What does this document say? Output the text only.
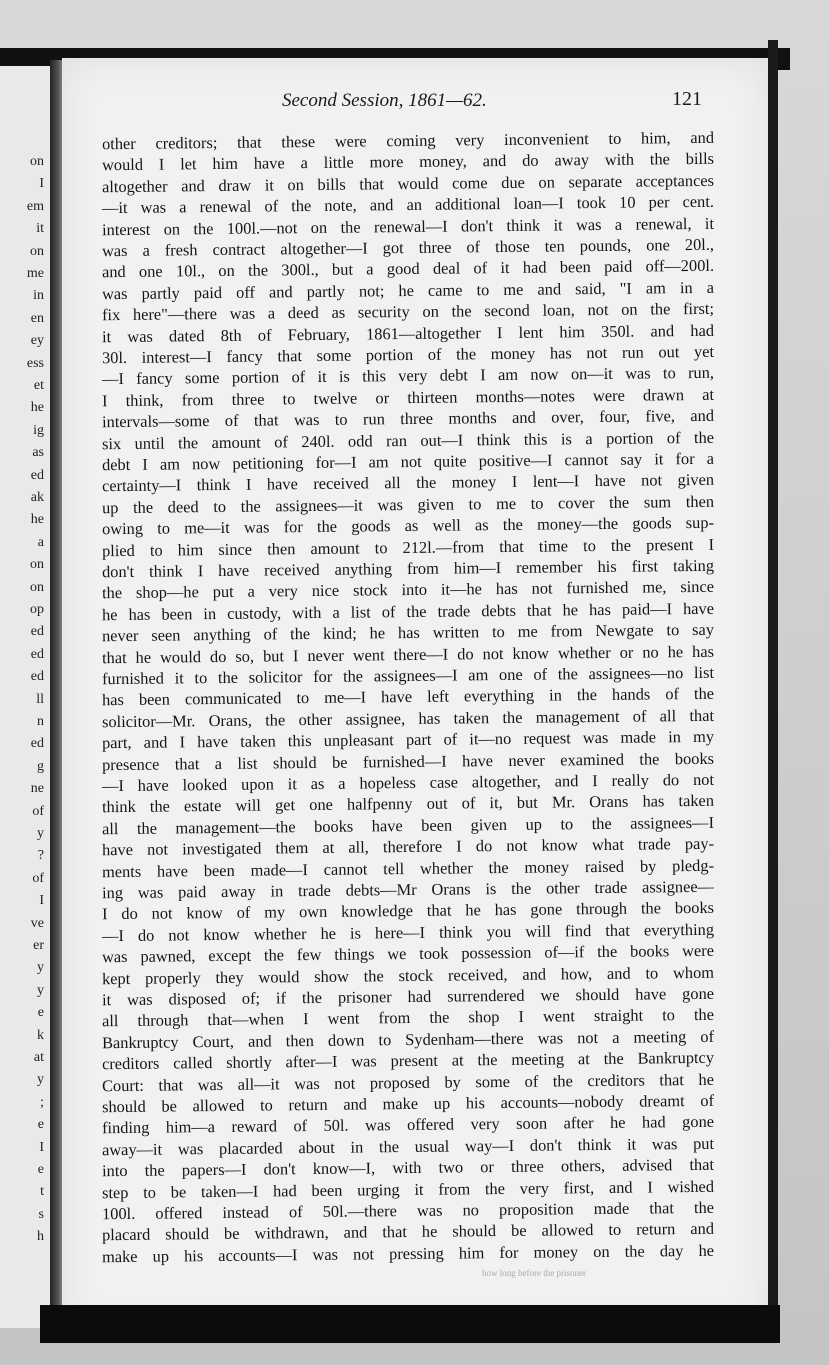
on
I
em
it
on
me
in
en
ey
ess
et
he
ig
as
ed
ak
he
a
on
on
op
ed
ed
ed
ll
n
ed
g
ne
of
y
?
of
I
ve
er
y
y
e
k
at
y
;
e
I
e
t
s
h
Second Session, 1861—62.	121
other creditors; that these were coming very inconvenient to him, and
would I let him have a little more money, and do away with the bills
altogether and draw it on bills that would come due on separate acceptances
—it was a renewal of the note, and an additional loan—I took 10 per cent.
interest on the 100l.—not on the renewal—I don't think it was a renewal, it
was a fresh contract altogether—I got three of those ten pounds, one 20l.,
and one 10l., on the 300l., but a good deal of it had been paid off—200l.
was partly paid off and partly not; he came to me and said, "I am in a
fix here"—there was a deed as security on the second loan, not on the first;
it was dated 8th of February, 1861—altogether I lent him 350l. and had
30l. interest—I fancy that some portion of the money has not run out yet
—I fancy some portion of it is this very debt I am now on—it was to run,
I think, from three to twelve or thirteen months—notes were drawn at
intervals—some of that was to run three months and over, four, five, and
six until the amount of 240l. odd ran out—I think this is a portion of the
debt I am now petitioning for—I am not quite positive—I cannot say it for a
certainty—I think I have received all the money I lent—I have not given
up the deed to the assignees—it was given to me to cover the sum then
owing to me—it was for the goods as well as the money—the goods sup-
plied to him since then amount to 212l.—from that time to the present I
don't think I have received anything from him—I remember his first taking
the shop—he put a very nice stock into it—he has not furnished me, since
he has been in custody, with a list of the trade debts that he has paid—I have
never seen anything of the kind; he has written to me from Newgate to say
that he would do so, but I never went there—I do not know whether or no he has
furnished it to the solicitor for the assignees—I am one of the assignees—no list
has been communicated to me—I have left everything in the hands of the
solicitor—Mr. Orans, the other assignee, has taken the management of all that
part, and I have taken this unpleasant part of it—no request was made in my
presence that a list should be furnished—I have never examined the books
—I have looked upon it as a hopeless case altogether, and I really do not
think the estate will get one halfpenny out of it, but Mr. Orans has taken
all the management—the books have been given up to the assignees—I
have not investigated them at all, therefore I do not know what trade pay-
ments have been made—I cannot tell whether the money raised by pledg-
ing was paid away in trade debts—Mr Orans is the other trade assignee—
I do not know of my own knowledge that he has gone through the books
—I do not know whether he is here—I think you will find that everything
was pawned, except the few things we took possession of—if the books were
kept properly they would show the stock received, and how, and to whom
it was disposed of; if the prisoner had surrendered we should have gone
all through that—when I went from the shop I went straight to the
Bankruptcy Court, and then down to Sydenham—there was not a meeting of
creditors called shortly after—I was present at the meeting at the Bankruptcy
Court: that was all—it was not proposed by some of the creditors that he
should be allowed to return and make up his accounts—nobody dreamt of
finding him—a reward of 50l. was offered very soon after he had gone
away—it was placarded about in the usual way—I don't think it was put
into the papers—I don't know—I, with two or three others, advised that
step to be taken—I had been urging it from the very first, and I wished
100l. offered instead of 50l.—there was no proposition made that the
placard should be withdrawn, and that he should be allowed to return and
make up his accounts—I was not pressing him for money on the day he
how long before the prisoner
